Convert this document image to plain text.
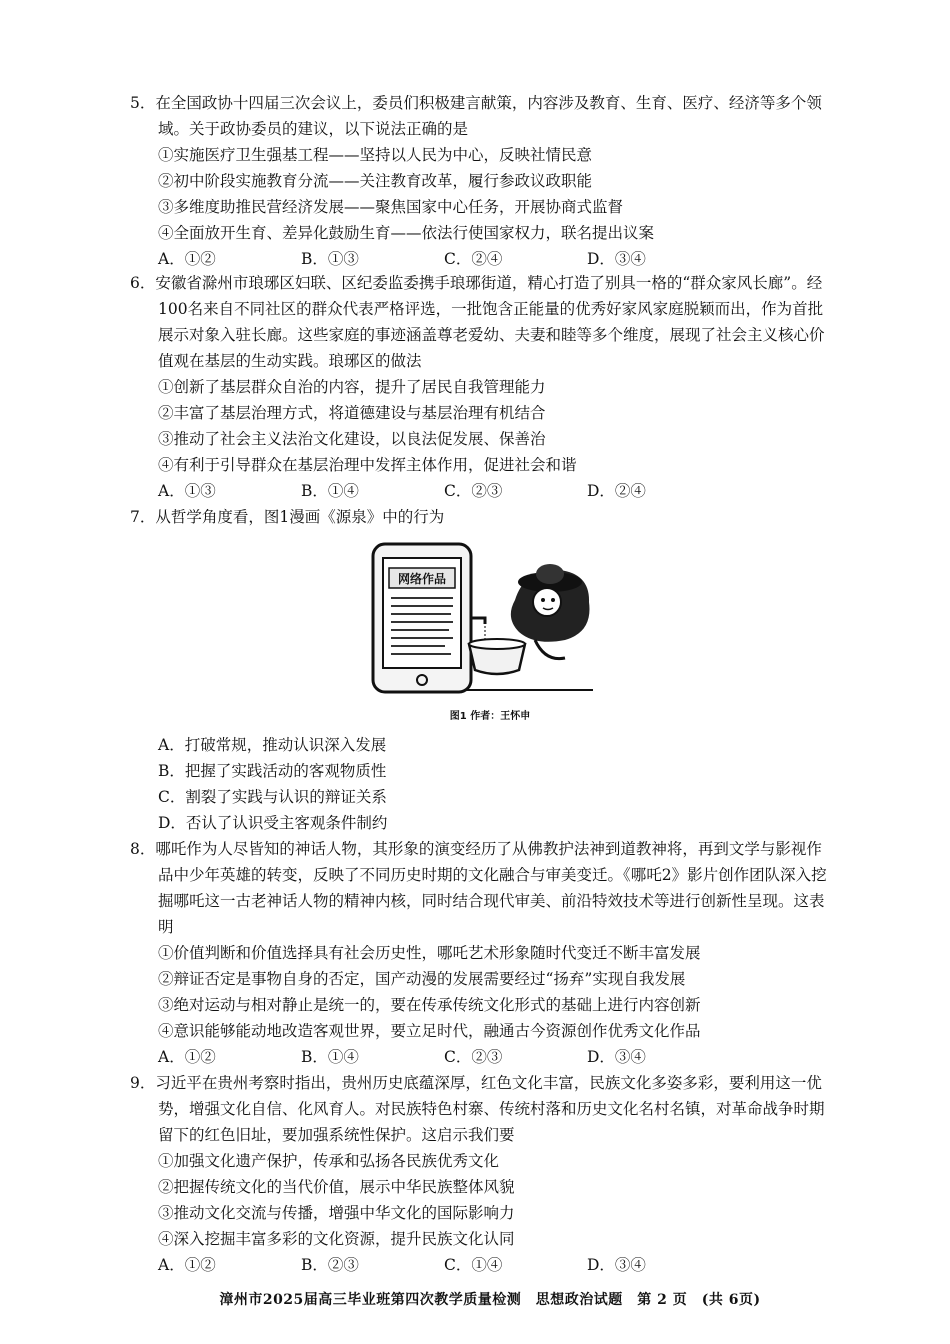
5．在全国政协十四届三次会议上，委员们积极建言献策，内容涉及教育、生育、医疗、经济等多个领域。关于政协委员的建议，以下说法正确的是

①实施医疗卫生强基工程——坚持以人民为中心，反映社情民意

②初中阶段实施教育分流——关注教育改革，履行参政议政职能

③多维度助推民营经济发展——聚焦国家中心任务，开展协商式监督

④全面放开生育、差异化鼓励生育——依法行使国家权力，联名提出议案

A．①②	B．①③	C．②④	D．③④

6．安徽省滁州市琅琊区妇联、区纪委监委携手琅琊街道，精心打造了别具一格的“群众家风长廊”。经100名来自不同社区的群众代表严格评选，一批饱含正能量的优秀好家风家庭脱颖而出，作为首批展示对象入驻长廊。这些家庭的事迹涵盖尊老爱幼、夫妻和睦等多个维度，展现了社会主义核心价值观在基层的生动实践。琅琊区的做法

①创新了基层群众自治的内容，提升了居民自我管理能力

②丰富了基层治理方式，将道德建设与基层治理有机结合

③推动了社会主义法治文化建设，以良法促发展、保善治

④有利于引导群众在基层治理中发挥主体作用，促进社会和谐

A．①③	B．①④	C．②③	D．②④

7．从哲学角度看，图1漫画《源泉》中的行为

网络作品
图1 作者：王怀申

A．打破常规，推动认识深入发展

B．把握了实践活动的客观物质性

C．割裂了实践与认识的辩证关系

D．否认了认识受主客观条件制约

8．哪吒作为人尽皆知的神话人物，其形象的演变经历了从佛教护法神到道教神将，再到文学与影视作品中少年英雄的转变，反映了不同历史时期的文化融合与审美变迁。《哪吒2》影片创作团队深入挖掘哪吒这一古老神话人物的精神内核，同时结合现代审美、前沿特效技术等进行创新性呈现。这表明

①价值判断和价值选择具有社会历史性，哪吒艺术形象随时代变迁不断丰富发展

②辩证否定是事物自身的否定，国产动漫的发展需要经过“扬弃”实现自我发展

③绝对运动与相对静止是统一的，要在传承传统文化形式的基础上进行内容创新

④意识能够能动地改造客观世界，要立足时代，融通古今资源创作优秀文化作品

A．①②	B．①④	C．②③	D．③④

9．习近平在贵州考察时指出，贵州历史底蕴深厚，红色文化丰富，民族文化多姿多彩，要利用这一优势，增强文化自信、化风育人。对民族特色村寨、传统村落和历史文化名村名镇，对革命战争时期留下的红色旧址，要加强系统性保护。这启示我们要

①加强文化遗产保护，传承和弘扬各民族优秀文化

②把握传统文化的当代价值，展示中华民族整体风貌

③推动文化交流与传播，增强中华文化的国际影响力

④深入挖掘丰富多彩的文化资源，提升民族文化认同

A．①②	B．②③	C．①④	D．③④
漳州市2025届高三毕业班第四次教学质量检测　思想政治试题　第 2 页　(共 6页)
